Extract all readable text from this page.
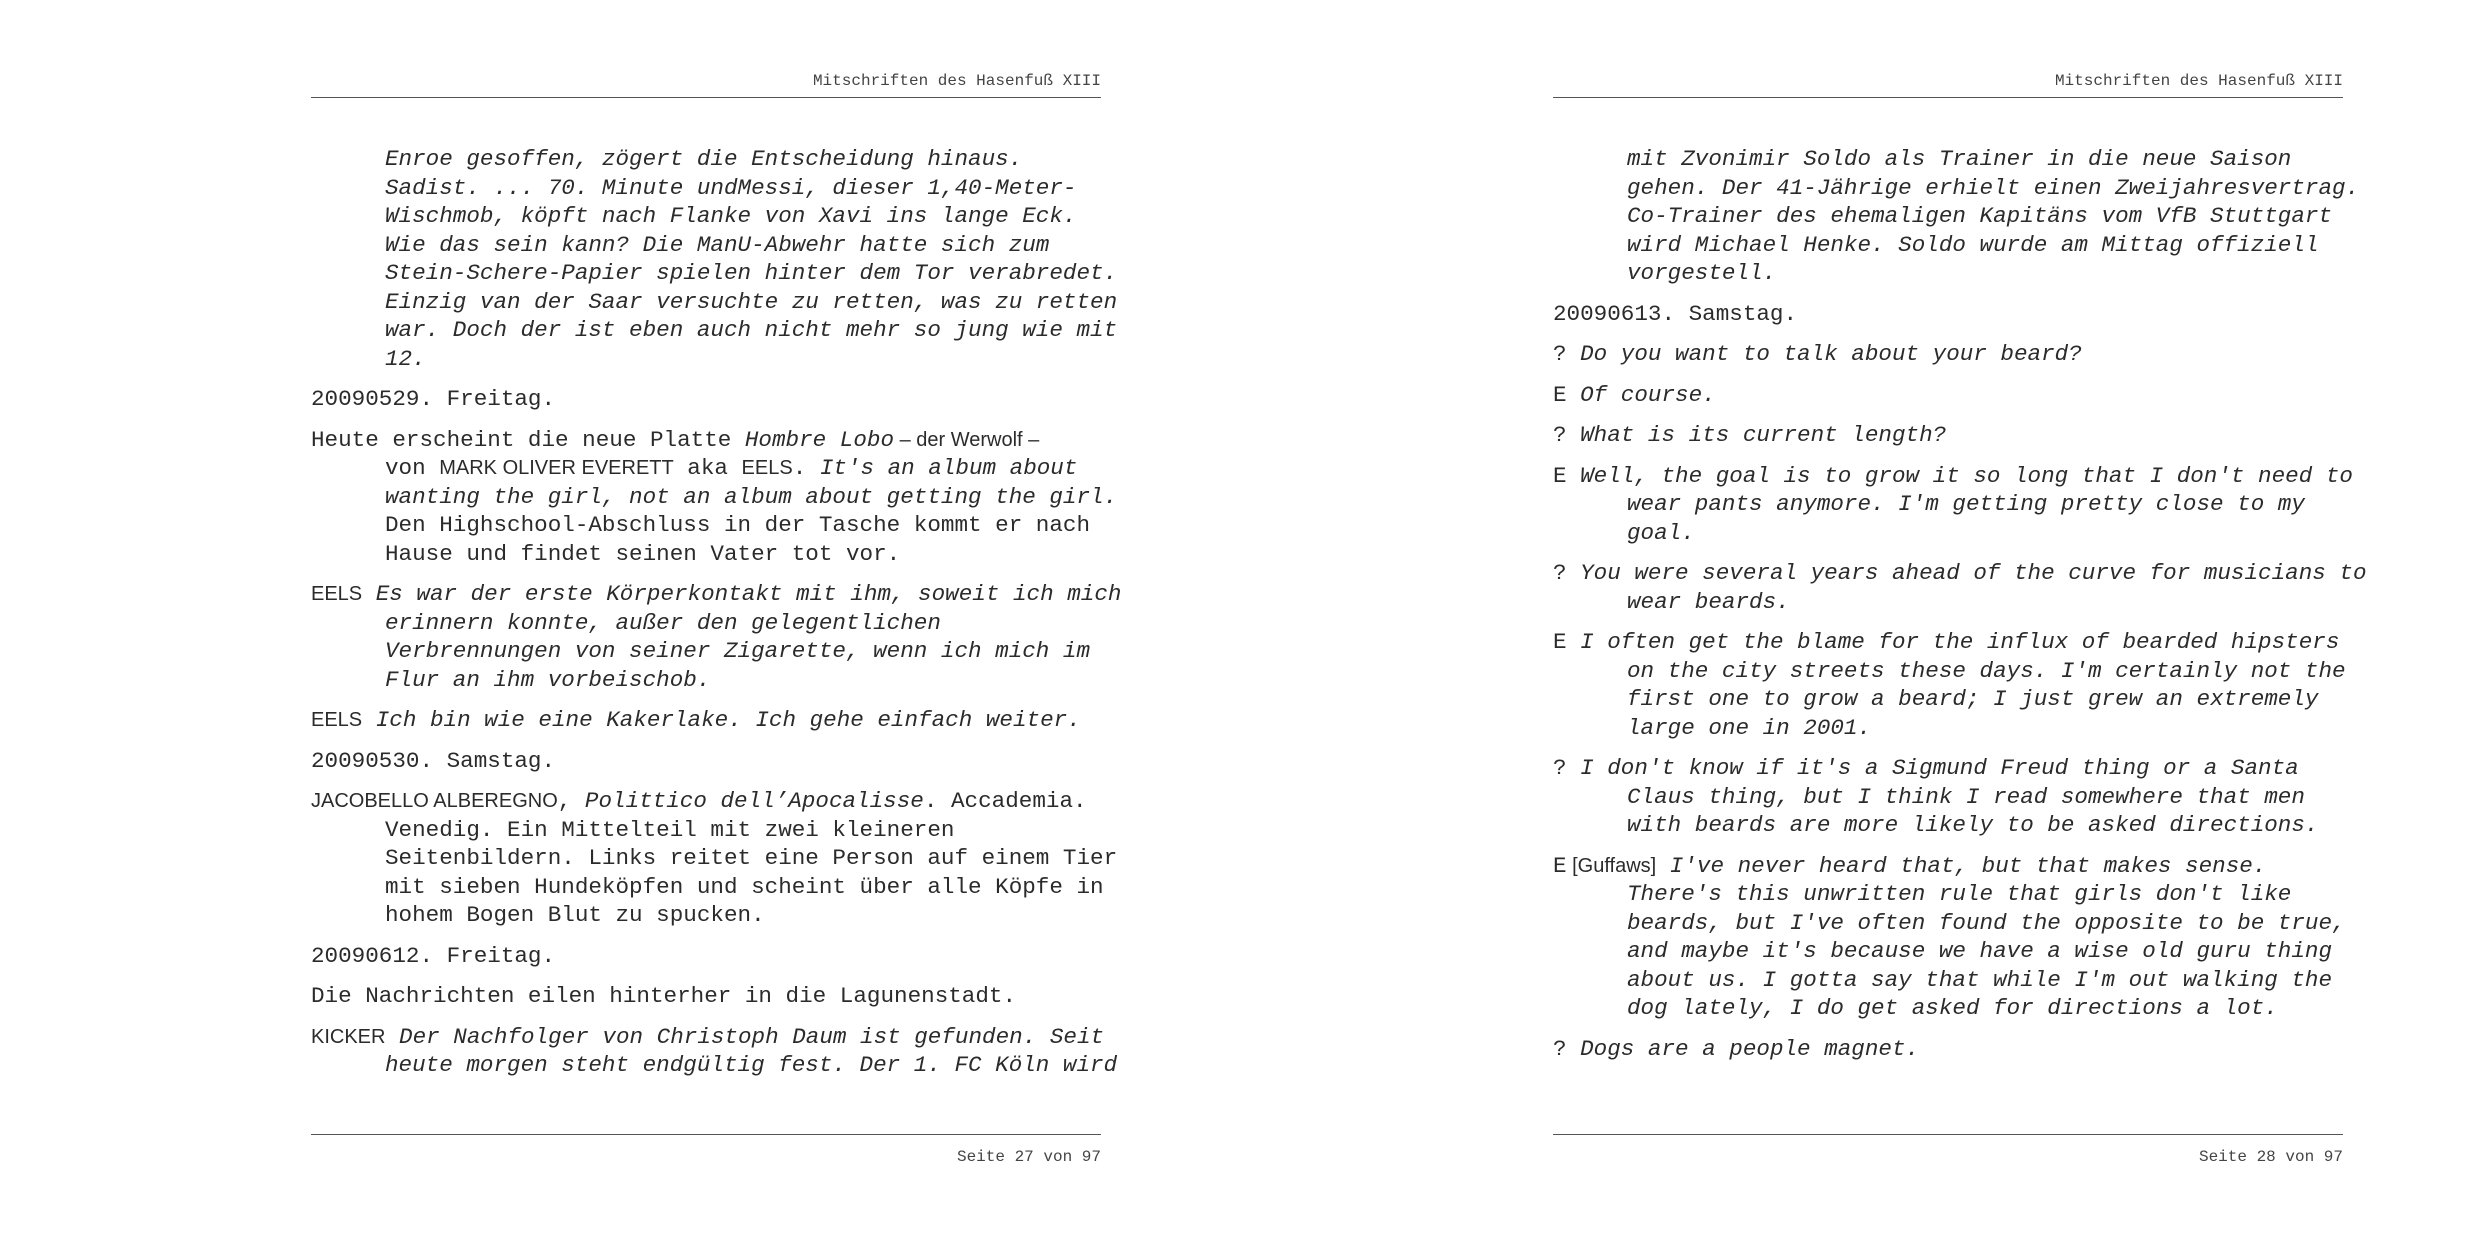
Mitschriften des Hasenfuß XIII

Enroe gesoffen, zögert die Entscheidung hinaus.
Sadist. ... 70. Minute undMessi, dieser 1,40-Meter-
Wischmob, köpft nach Flanke von Xavi ins lange Eck.
Wie das sein kann? Die ManU-Abwehr hatte sich zum
Stein-Schere-Papier spielen hinter dem Tor verabredet.
Einzig van der Saar versuchte zu retten, was zu retten
war. Doch der ist eben auch nicht mehr so jung wie mit
12.

20090529. Freitag.

Heute erscheint die neue Platte Hombre Lobo – der Werwolf –
von MARK OLIVER EVERETT aka EELS. It's an album about
wanting the girl, not an album about getting the girl.
Den Highschool-Abschluss in der Tasche kommt er nach
Hause und findet seinen Vater tot vor.

EELS Es war der erste Körperkontakt mit ihm, soweit ich mich
erinnern konnte, außer den gelegentlichen
Verbrennungen von seiner Zigarette, wenn ich mich im
Flur an ihm vorbeischob.

EELS Ich bin wie eine Kakerlake. Ich gehe einfach weiter.

20090530. Samstag.

JACOBELLO ALBEREGNO, Polittico dell’Apocalisse. Accademia.
Venedig. Ein Mittelteil mit zwei kleineren
Seitenbildern. Links reitet eine Person auf einem Tier
mit sieben Hundeköpfen und scheint über alle Köpfe in
hohem Bogen Blut zu spucken.

20090612. Freitag.

Die Nachrichten eilen hinterher in die Lagunenstadt.

KICKER Der Nachfolger von Christoph Daum ist gefunden. Seit
heute morgen steht endgültig fest. Der 1. FC Köln wird

Seite 27 von 97
Mitschriften des Hasenfuß XIII

mit Zvonimir Soldo als Trainer in die neue Saison
gehen. Der 41-Jährige erhielt einen Zweijahresvertrag.
Co-Trainer des ehemaligen Kapitäns vom VfB Stuttgart
wird Michael Henke. Soldo wurde am Mittag offiziell
vorgestell.

20090613. Samstag.

? Do you want to talk about your beard?

E Of course.

? What is its current length?

E Well, the goal is to grow it so long that I don't need to
wear pants anymore. I'm getting pretty close to my
goal.

? You were several years ahead of the curve for musicians to
wear beards.

E I often get the blame for the influx of bearded hipsters
on the city streets these days. I'm certainly not the
first one to grow a beard; I just grew an extremely
large one in 2001.

? I don't know if it's a Sigmund Freud thing or a Santa
Claus thing, but I think I read somewhere that men
with beards are more likely to be asked directions.

E [Guffaws] I've never heard that, but that makes sense.
There's this unwritten rule that girls don't like
beards, but I've often found the opposite to be true,
and maybe it's because we have a wise old guru thing
about us. I gotta say that while I'm out walking the
dog lately, I do get asked for directions a lot.

? Dogs are a people magnet.

Seite 28 von 97
